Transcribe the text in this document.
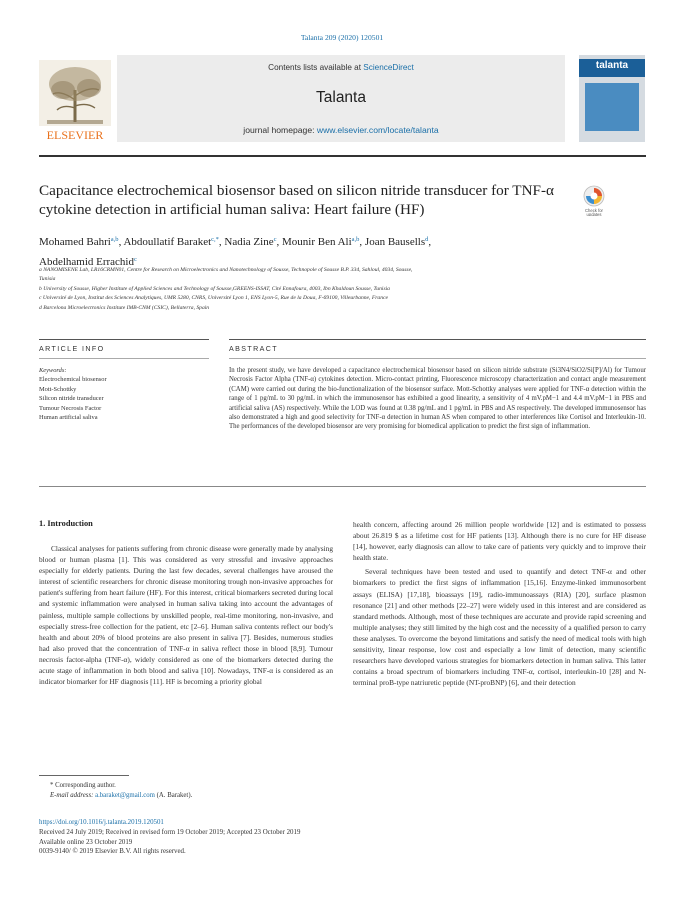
Talanta 209 (2020) 120501
ELSEVIER
Contents lists available at ScienceDirect
Talanta
journal homepage: www.elsevier.com/locate/talanta
talanta
Capacitance electrochemical biosensor based on silicon nitride transducer for TNF-α cytokine detection in artificial human saliva: Heart failure (HF)	Check for
updates
Mohamed Bahri$^{a,b}$, Abdoullatif Baraket$^{c,*}$, Nadia Zine$^c$, Mounir Ben Ali$^{a,b}$, Joan Bausells$^d$,
Abdelhamid Errachid$^c$
a NANOMISENE Lab, LR16CRMN01, Centre for Research on Microelectronics and Nanotechnology of Sousse, Technopole of Sousse B.P. 334, Sahloul, 4034, Sousse,
Tunisia
b University of Sousse, Higher Institute of Applied Sciences and Technology of Sousse,GREENS-ISSAT, Cité Ennafoura, 4003, Ibn Khaldoun Sousse, Tunisia
c Université de Lyon, Institut des Sciences Analytiques, UMR 5280, CNRS, Université Lyon 1, ENS Lyon-5, Rue de la Doua, F-69100, Villeurbanne, France
d Barcelona Microelectronics Institute IMB-CNM (CSIC), Bellaterra, Spain
ARTICLE INFO	ABSTRACT
Keywords:
Electrochemical biosensor
Mott-Schottky
Silicon nitride transducer
Tumour Necrosis Factor
Human artificial saliva
In the present study, we have developed a capacitance electrochemical biosensor based on silicon nitride substrate (Si3N4/SiO2/Si[P]/Al) for Tumour Necrosis Factor Alpha (TNF-α) cytokines detection. Micro-contact printing, Fluorescence microscopy characterization and contact angle measurement (CAM) were carried out during the bio-functionalization of the biosensor surface. Mott-Schottky analyses were applied for TNF-α detection within the range of 1 pg/mL to 30 pg/mL in which the immunosensor has exhibited a good linearity, a sensitivity of 4 mV.pM−1 and 4.4 mV.pM−1 in PBS and artificial saliva (AS) respectively. While the LOD was found at 0.38 pg/mL and 1 pg/mL in PBS and AS respectively. The developed immunosensor has also demonstrated a high and good selectivity for TNF-α detection in human AS when compared to other interferences like Cortisol and Interleukin-10. The performances of the developed biosensor are very promising for biomedical application to predict the first sign of inflammation.
1. Introduction

Classical analyses for patients suffering from chronic disease were generally made by analysing blood or human plasma [1]. This was considered as very stressful and invasive approaches especially for elderly patients. During the last few decades, several challenges have aroused the interest of scientific researchers for chronic disease monitoring trough non-invasive approaches for patient's suffering from heart failure (HF). For this interest, critical biomarkers secreted during local and systemic inflammation were analysed in human saliva taking into account the advantages of painless, multiple sample collections by unskilled people, real-time monitoring, non-invasive, and especially stress-free collection for the patient, etc [2–6]. Human saliva contents reflect our body's health and about 20% of blood proteins are also present in saliva [7]. Besides, numerous studies had also proved that the concentration of TNF-α in saliva reflect those in blood [8,9]. Tumour necrosis factor-alpha (TNF-α), widely considered as one of the biomarkers detected during the acute stage of inflammation in both blood and saliva [10]. Nowadays, TNF-α is considered as an indicator biomarker for HF diagnosis [11]. HF is becoming a priority global

health concern, affecting around 26 million people worldwide [12] and is estimated to possess about 26.819 $ as a lifetime cost for HF patients [13]. Although there is no cure for HF disease [14], however, early diagnosis can allow to take care of patients very quickly and to improve their health state.

Several techniques have been tested and used to quantify and detect TNF-α and other biomarkers to predict the first signs of inflammation [15,16]. Enzyme-linked immunosorbent assays (ELISA) [17,18], bioassays [19], radio-immunoassays (RIA) [20], surface plasmon resonance [21] and other methods [22–27] were widely used in this interest and are considered as standard methods. Although, most of these techniques are accurate and provide rapid screening and multiple analyses; they still limited by the high cost and the necessity of a qualified person to carry these analyses. To overcome the beyond limitations and satisfy the need of medical tools with high sensitivity, linear response, low cost and especially a low limit of detection, many scientific researchers have developed various strategies for biomarkers detection in human saliva. This latter contains a broad spectrum of biomarkers including TNF-α, cortisol, interleukin-10 [28] and N-terminal proB-type natriuretic peptide (NT-proBNP) [6], and their detection

* Corresponding author.
E-mail address: a.baraket@gmail.com (A. Baraket).
https://doi.org/10.1016/j.talanta.2019.120501
Received 24 July 2019; Received in revised form 19 October 2019; Accepted 23 October 2019
Available online 23 October 2019
0039-9140/ © 2019 Elsevier B.V. All rights reserved.
